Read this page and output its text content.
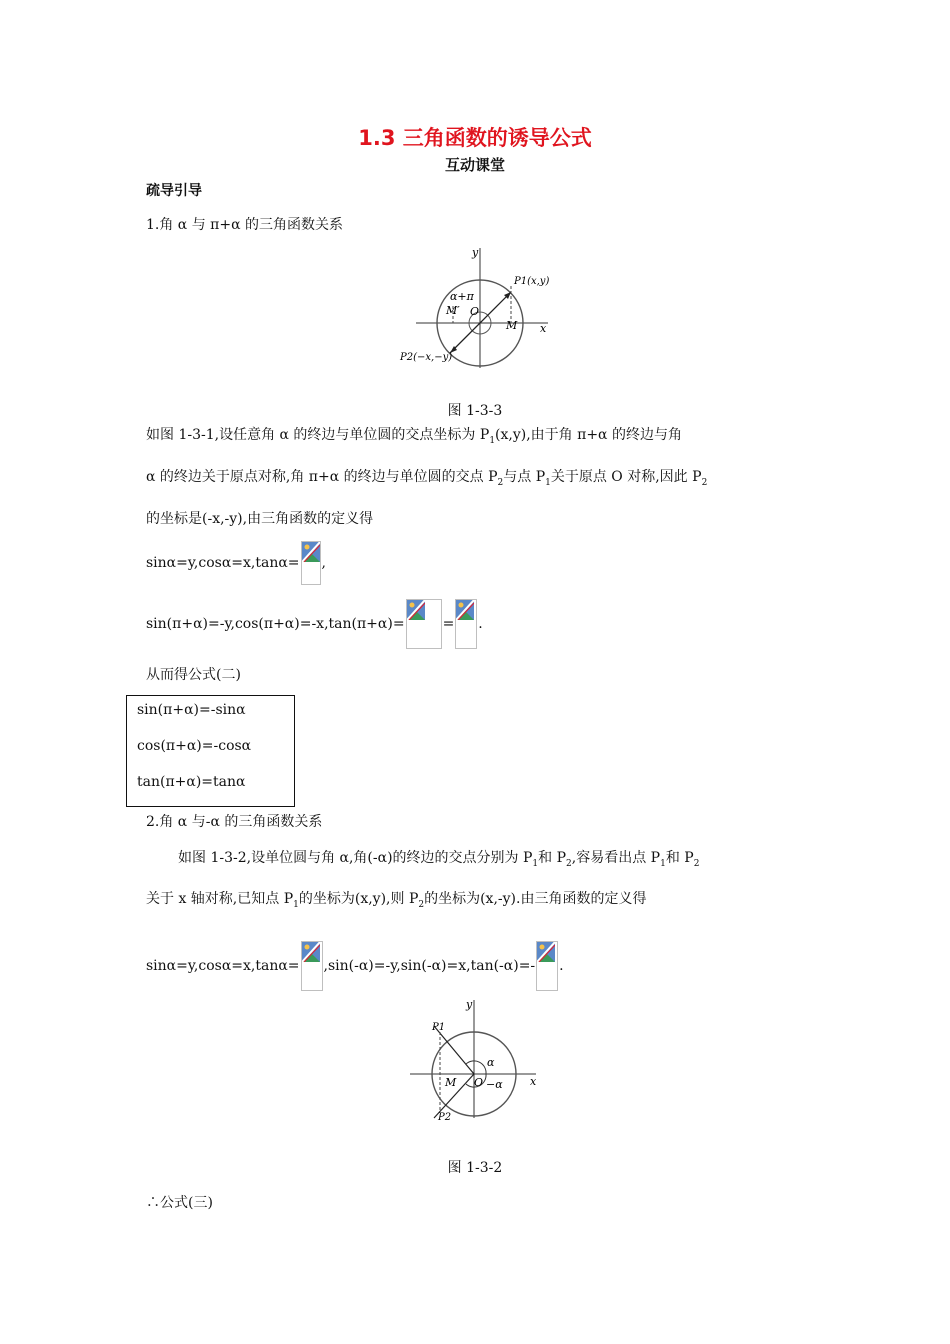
1.3 三角函数的诱导公式
互动课堂
疏导引导
1.角 α 与 π+α 的三角函数关系
y
x
O
M
M′
α+π
P1(x,y)
P2(−x,−y)
图 1-3-3
如图 1-3-1,设任意角 α 的终边与单位圆的交点坐标为 $P_1(x,y)$,由于角 π+α 的终边与角
α 的终边关于原点对称,角 π+α 的终边与单位圆的交点 $P_2$与点 $P_1$关于原点 O 对称,因此 $P_2$
的坐标是(-x,-y),由三角函数的定义得
sinα=y,cosα=x,tanα= ,
sin(π+α)=-y,cos(π+α)=-x,tan(π+α)=	= .
从而得公式(二)
sin(π+α)=-sinα
cos(π+α)=-cosα
tan(π+α)=tanα
2.角 α 与-α 的三角函数关系
如图 1-3-2,设单位圆与角 α,角(-α)的终边的交点分别为 $P_1$和 $P_2$,容易看出点 $P_1$和 $P_2$
关于 x 轴对称,已知点 $P_1$的坐标为(x,y),则 $P_2$的坐标为(x,-y).由三角函数的定义得
sinα=y,cosα=x,tanα= ,sin(-α)=-y,sin(-α)=x,tan(-α)=- .
y
x
O
M
α
−α
P1
P2
图 1-3-2
∴公式(三)
